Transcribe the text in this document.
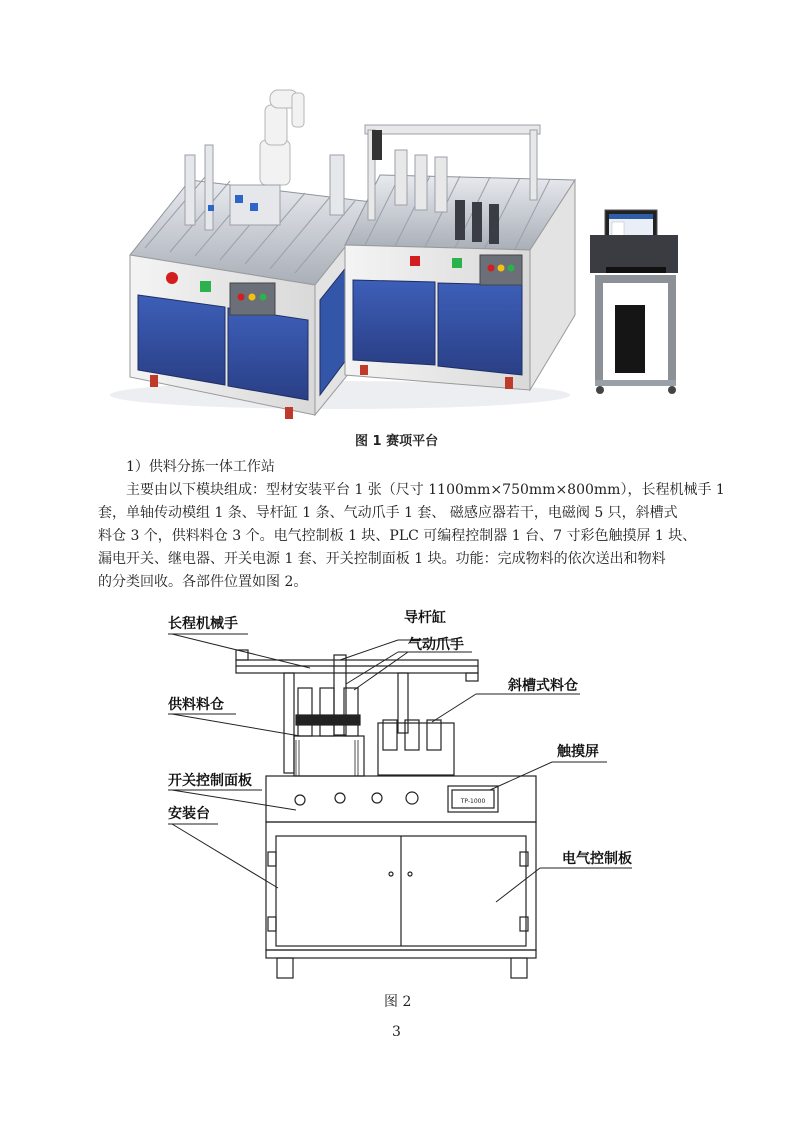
图 1 赛项平台
1）供料分拣一体工作站
主要由以下模块组成：型材安装平台 1 张（尺寸 1100mm×750mm×800mm），长程机械手 1
套，单轴传动模组 1 条、导杆缸 1 条、气动爪手 1 套、 磁感应器若干，电磁阀 5 只，斜槽式
料仓 3 个，供料料仓 3 个。电气控制板 1 块、PLC 可编程控制器 1 台、7 寸彩色触摸屏 1 块、
漏电开关、继电器、开关电源 1 套、开关控制面板 1 块。功能：完成物料的依次送出和物料
的分类回收。各部件位置如图 2。
TP-1000
长程机械手	导杆缸
气动爪手
斜槽式料仓
供料料仓
触摸屏
开关控制面板
安装台
电气控制板
图 2
3
